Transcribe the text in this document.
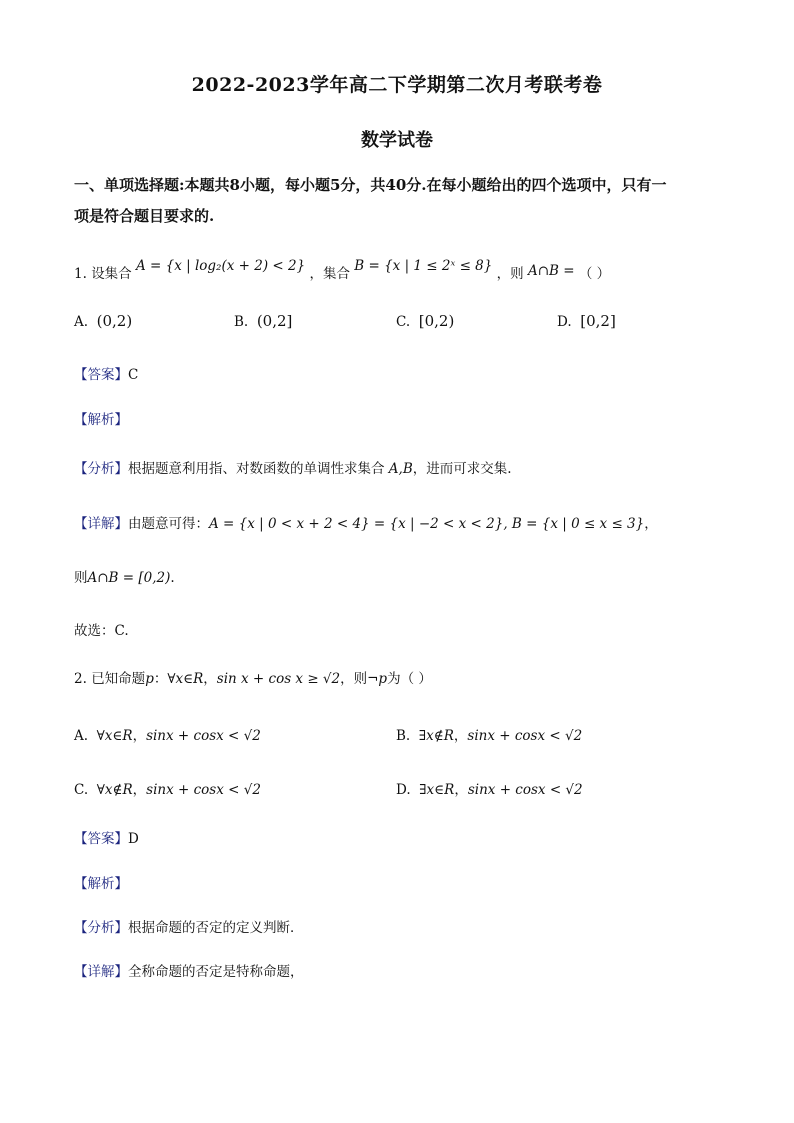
2022-2023学年高二下学期第二次月考联考卷
数学试卷
一、单项选择题:本题共8小题，每小题5分，共40分.在每小题给出的四个选项中，只有一
项是符合题目要求的.
1. 设集合 A = {x | log₂(x + 2) < 2} ，集合 B = {x | 1 ≤ 2ˣ ≤ 8} ，则 A∩B = （ ）
A. (0,2)	B. (0,2]	C. [0,2)	D. [0,2]
【答案】C
【解析】
【分析】根据题意利用指、对数函数的单调性求集合 A,B，进而可求交集.
【详解】由题意可得：A = {x | 0 < x + 2 < 4} = {x | −2 < x < 2}, B = {x | 0 ≤ x ≤ 3}，
则A∩B = [0,2).
故选：C.
2. 已知命题p：∀x∈R，sin x + cos x ≥ √2，则¬p为（ ）
A. ∀x∈R，sinx + cosx < √2	B. ∃x∉R，sinx + cosx < √2
C. ∀x∉R，sinx + cosx < √2	D. ∃x∈R，sinx + cosx < √2
【答案】D
【解析】
【分析】根据命题的否定的定义判断．
【详解】全称命题的否定是特称命题，
